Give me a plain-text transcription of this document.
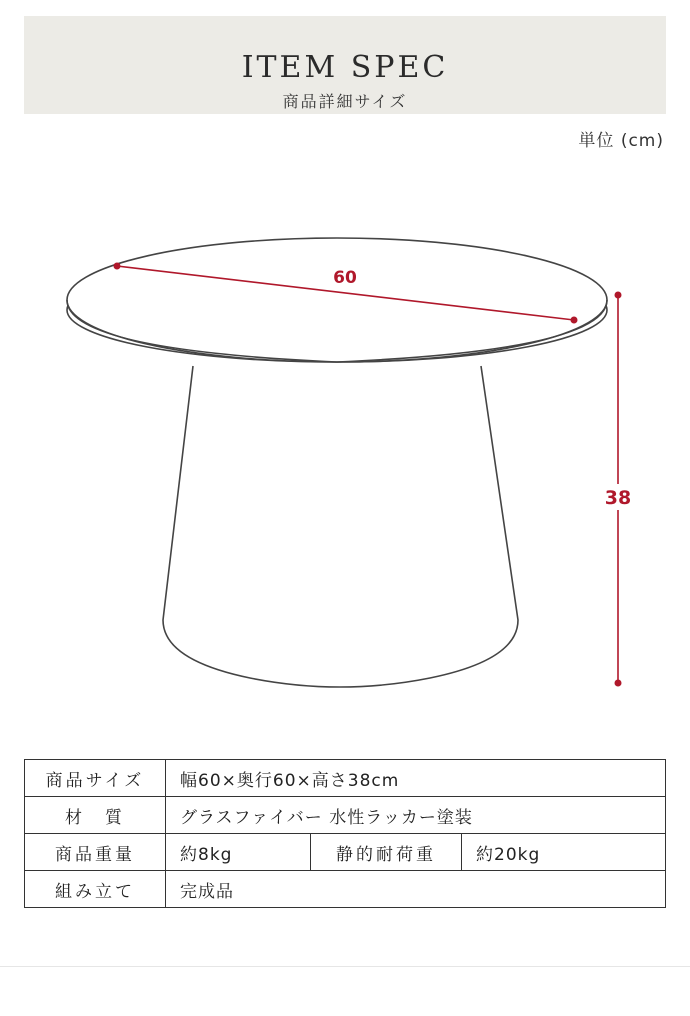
ITEM SPEC
商品詳細サイズ
単位 (cm)
60
38
商品サイズ	幅60×奥行60×高さ38cm		
材　質	グラスファイバー 水性ラッカー塗装		
商品重量	約8kg	静的耐荷重	約20kg
組み立て	完成品		
